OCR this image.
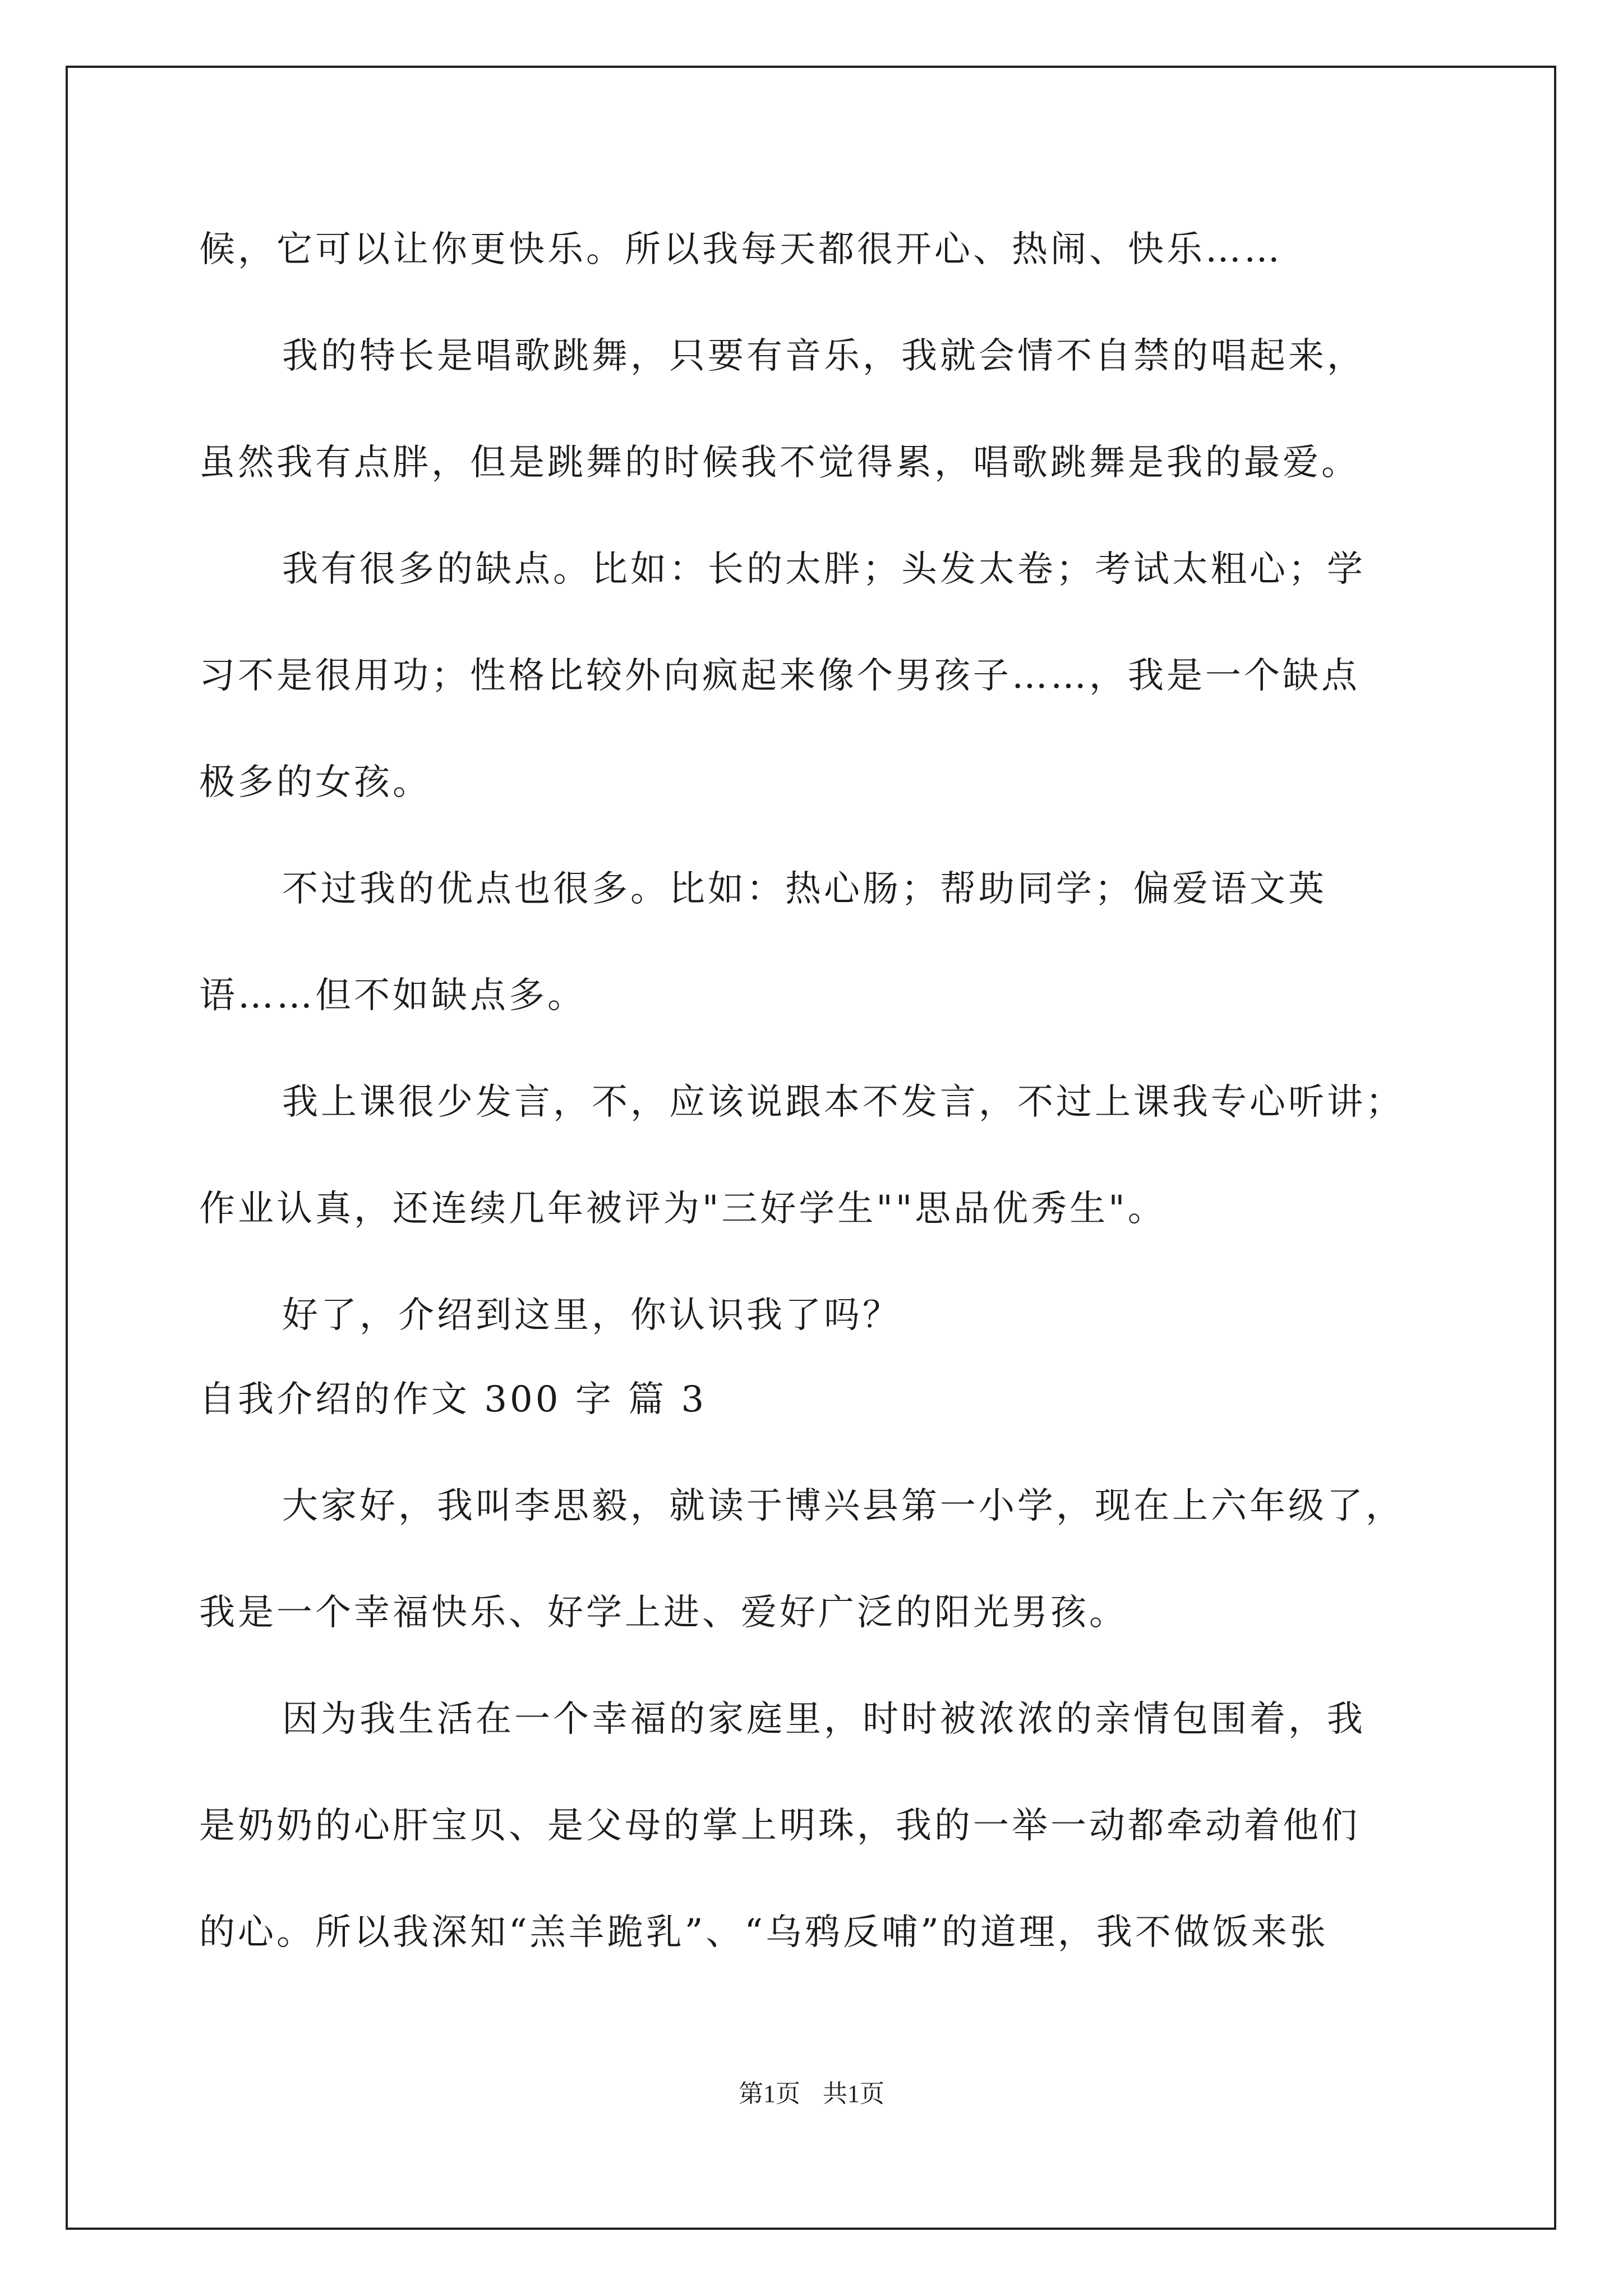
候，它可以让你更快乐。所以我每天都很开心、热闹、快乐……
我的特长是唱歌跳舞，只要有音乐，我就会情不自禁的唱起来，
虽然我有点胖，但是跳舞的时候我不觉得累，唱歌跳舞是我的最爱。
我有很多的缺点。比如：长的太胖；头发太卷；考试太粗心；学
习不是很用功；性格比较外向疯起来像个男孩子……，我是一个缺点
极多的女孩。
不过我的优点也很多。比如：热心肠；帮助同学；偏爱语文英
语……但不如缺点多。
我上课很少发言，不，应该说跟本不发言，不过上课我专心听讲；
作业认真，还连续几年被评为"三好学生""思品优秀生"。
好了，介绍到这里，你认识我了吗？
自我介绍的作文 300 字 篇 3
大家好，我叫李思毅，就读于博兴县第一小学，现在上六年级了，
我是一个幸福快乐、好学上进、爱好广泛的阳光男孩。
因为我生活在一个幸福的家庭里，时时被浓浓的亲情包围着，我
是奶奶的心肝宝贝、是父母的掌上明珠，我的一举一动都牵动着他们
的心。所以我深知“羔羊跪乳”、“乌鸦反哺”的道理，我不做饭来张
第1页 共1页
